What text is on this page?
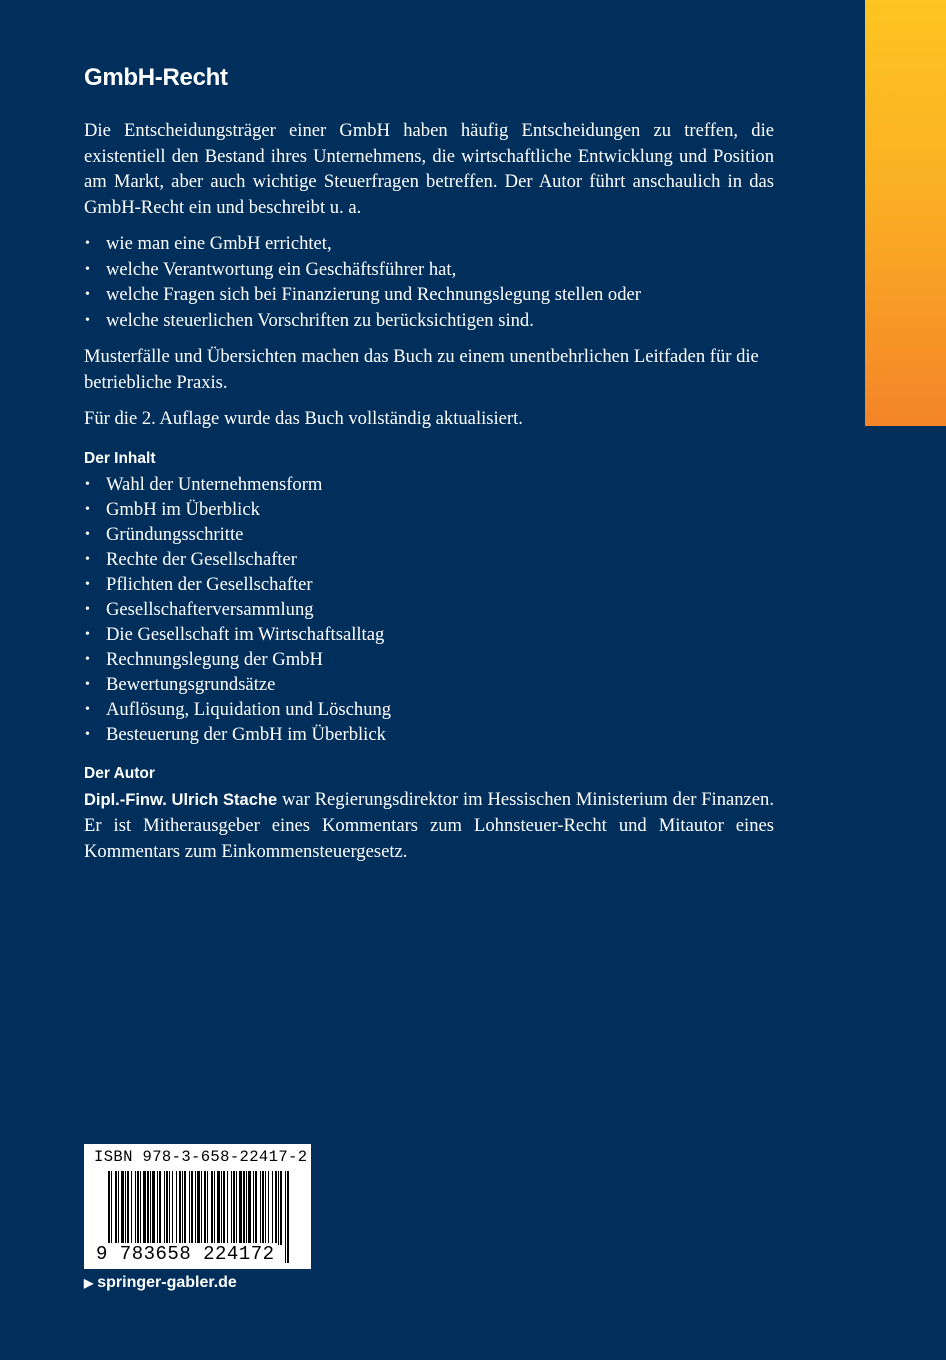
GmbH-Recht
Die Entscheidungsträger einer GmbH haben häufig Entscheidungen zu treffen, die existentiell den Bestand ihres Unternehmens, die wirtschaftliche Entwicklung und Position am Markt, aber auch wichtige Steuerfragen betreffen. Der Autor führt anschaulich in das GmbH-Recht ein und beschreibt u. a.
• wie man eine GmbH errichtet,
• welche Verantwortung ein Geschäftsführer hat,
• welche Fragen sich bei Finanzierung und Rechnungslegung stellen oder
• welche steuerlichen Vorschriften zu berücksichtigen sind.
Musterfälle und Übersichten machen das Buch zu einem unentbehrlichen Leitfaden für die betriebliche Praxis.
Für die 2. Auflage wurde das Buch vollständig aktualisiert.
Der Inhalt
• Wahl der Unternehmensform
• GmbH im Überblick
• Gründungsschritte
• Rechte der Gesellschafter
• Pflichten der Gesellschafter
• Gesellschafterversammlung
• Die Gesellschaft im Wirtschaftsalltag
• Rechnungslegung der GmbH
• Bewertungsgrundsätze
• Auflösung, Liquidation und Löschung
• Besteuerung der GmbH im Überblick
Der Autor
Dipl.-Finw. Ulrich Stache war Regierungsdirektor im Hessischen Ministerium der Finanzen. Er ist Mitherausgeber eines Kommentars zum Lohnsteuer-Recht und Mitautor eines Kommentars zum Einkommensteuergesetz.
ISBN 978-3-658-22417-2
9 783658 224172
▶ springer-gabler.de
